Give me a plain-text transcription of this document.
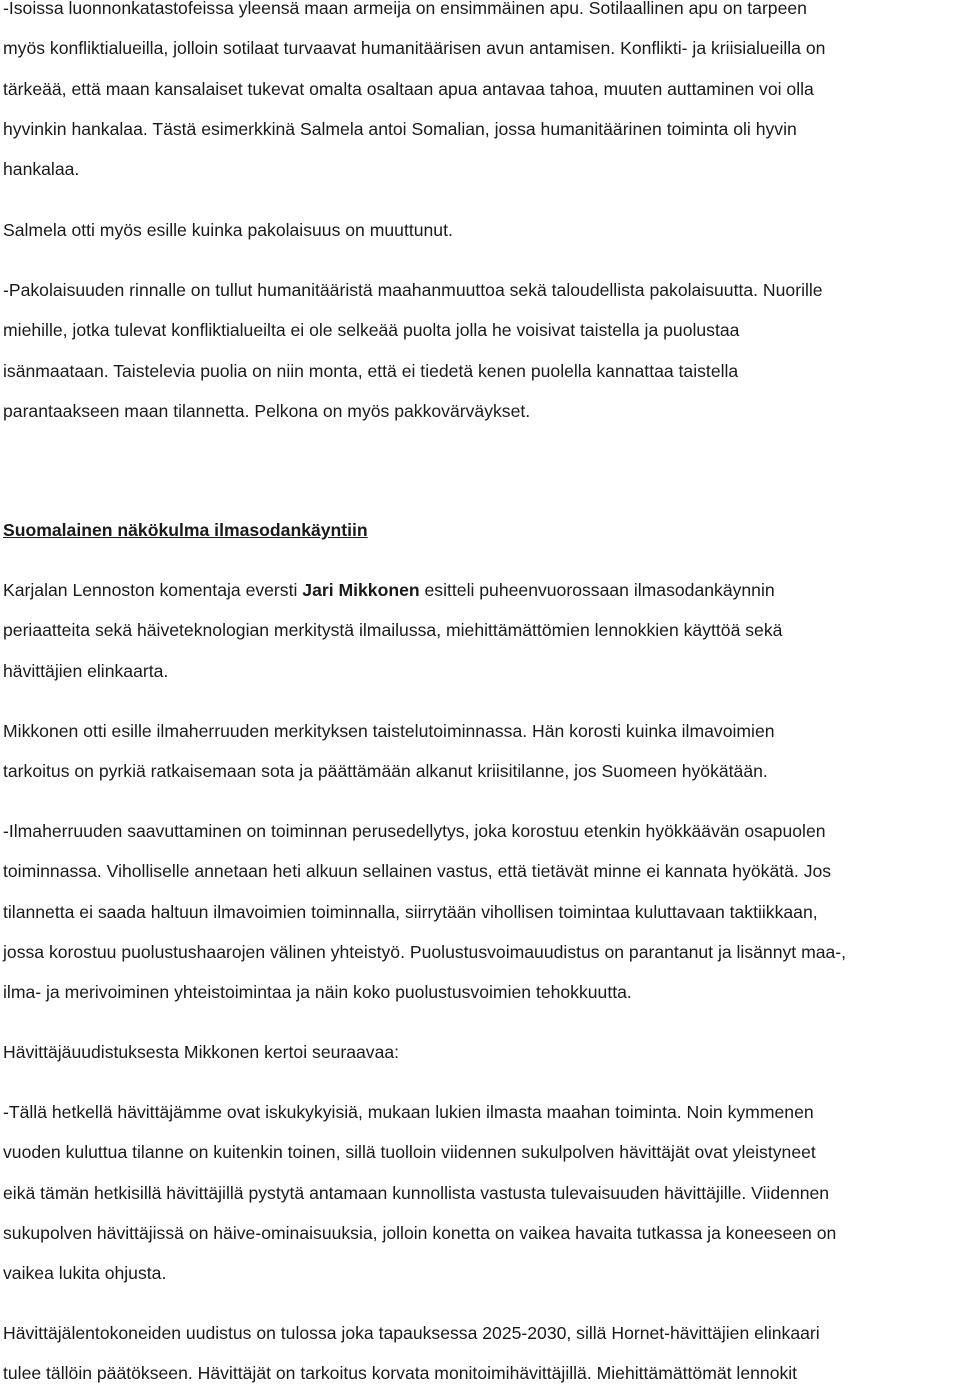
-Isoissa luonnonkatastofeissa yleensä maan armeija on ensimmäinen apu. Sotilaallinen apu on tarpeen
myös konfliktialueilla, jolloin sotilaat turvaavat humanitäärisen avun antamisen. Konflikti- ja kriisialueilla on
tärkeää, että maan kansalaiset tukevat omalta osaltaan apua antavaa tahoa, muuten auttaminen voi olla
hyvinkin hankalaa. Tästä esimerkkinä Salmela antoi Somalian, jossa humanitäärinen toiminta oli hyvin
hankalaa.
Salmela otti myös esille kuinka pakolaisuus on muuttunut.
-Pakolaisuuden rinnalle on tullut humanitääristä maahanmuuttoa sekä taloudellista pakolaisuutta. Nuorille
miehille, jotka tulevat konfliktialueilta ei ole selkeää puolta jolla he voisivat taistella ja puolustaa
isänmaataan. Taistelevia puolia on niin monta, että ei tiedetä kenen puolella kannattaa taistella
parantaakseen maan tilannetta. Pelkona on myös pakkovärväykset.
Suomalainen näkökulma ilmasodankäyntiin
Karjalan Lennoston komentaja eversti Jari Mikkonen esitteli puheenvuorossaan ilmasodankäynnin
periaatteita sekä häiveteknologian merkitystä ilmailussa, miehittämättömien lennokkien käyttöä sekä
hävittäjien elinkaarta.
Mikkonen otti esille ilmaherruuden merkityksen taistelutoiminnassa. Hän korosti kuinka ilmavoimien
tarkoitus on pyrkiä ratkaisemaan sota ja päättämään alkanut kriisitilanne, jos Suomeen hyökätään.
-Ilmaherruuden saavuttaminen on toiminnan perusedellytys, joka korostuu etenkin hyökkäävän osapuolen
toiminnassa. Viholliselle annetaan heti alkuun sellainen vastus, että tietävät minne ei kannata hyökätä. Jos
tilannetta ei saada haltuun ilmavoimien toiminnalla, siirrytään vihollisen toimintaa kuluttavaan taktiikkaan,
jossa korostuu puolustushaarojen välinen yhteistyö. Puolustusvoimauudistus on parantanut ja lisännyt maa-,
ilma- ja merivoiminen yhteistoimintaa ja näin koko puolustusvoimien tehokkuutta.
Hävittäjäuudistuksesta Mikkonen kertoi seuraavaa:
-Tällä hetkellä hävittäjämme ovat iskukykyisiä, mukaan lukien ilmasta maahan toiminta. Noin kymmenen
vuoden kuluttua tilanne on kuitenkin toinen, sillä tuolloin viidennen sukulpolven hävittäjät ovat yleistyneet
eikä tämän hetkisillä hävittäjillä pystytä antamaan kunnollista vastusta tulevaisuuden hävittäjille. Viidennen
sukupolven hävittäjissä on häive-ominaisuuksia, jolloin konetta on vaikea havaita tutkassa ja koneeseen on
vaikea lukita ohjusta.
Hävittäjälentokoneiden uudistus on tulossa joka tapauksessa 2025-2030, sillä Hornet-hävittäjien elinkaari
tulee tällöin päätökseen. Hävittäjät on tarkoitus korvata monitoimihävittäjillä. Miehittämättömät lennokit
